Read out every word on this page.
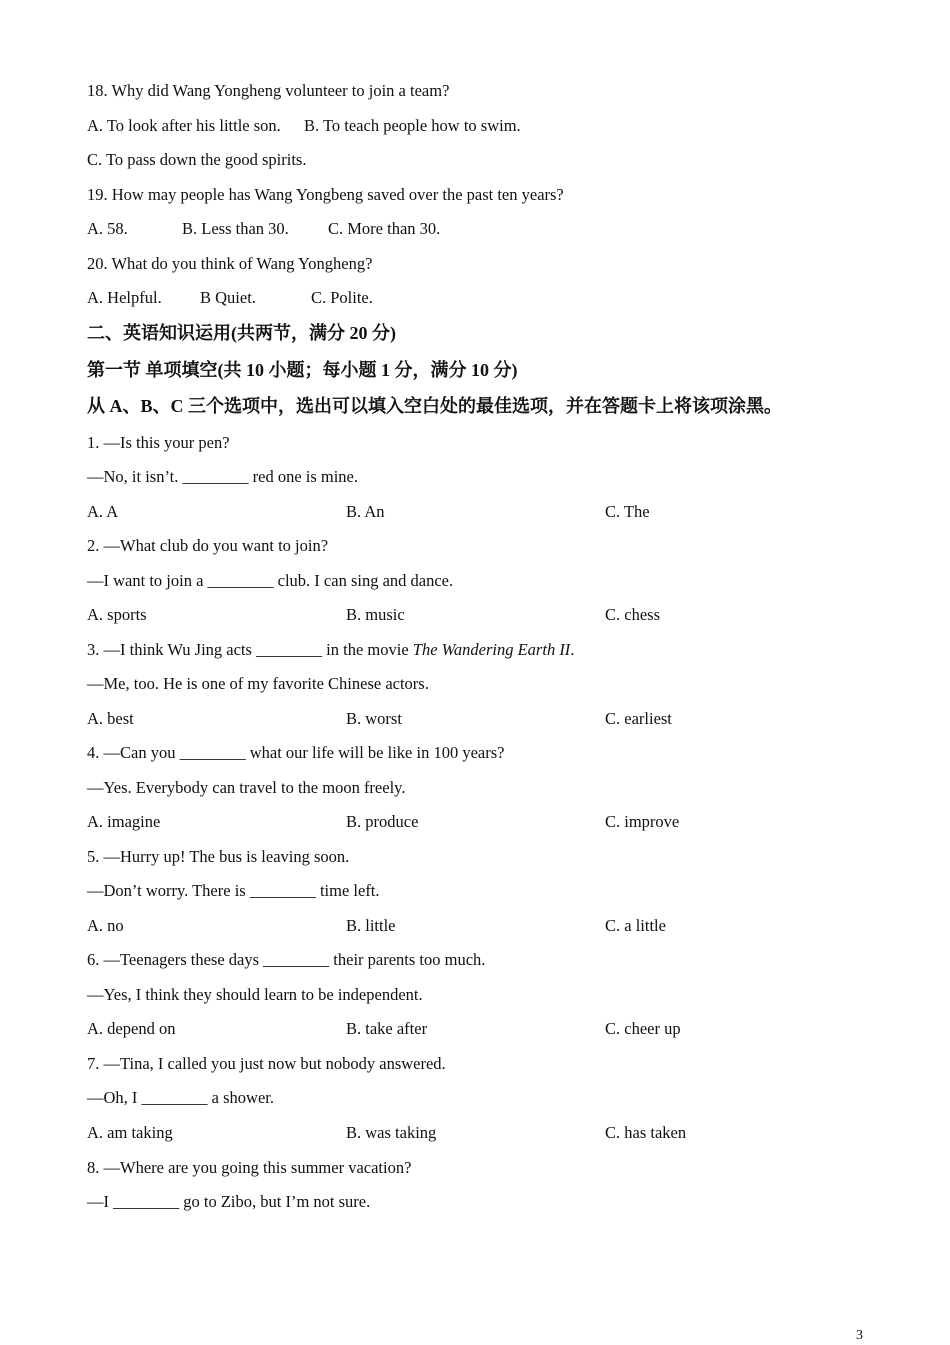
18. Why did Wang Yongheng volunteer to join a team?
A. To look after his little son. B. To teach people how to swim.
C. To pass down the good spirits.
19. How may people has Wang Yongbeng saved over the past ten years?
A. 58.	B. Less than 30. C. More than 30.
20. What do you think of Wang Yongheng?
A. Helpful. B Quiet.	C. Polite.
二、英语知识运用(共两节，满分 20 分)
第一节 单项填空(共 10 小题；每小题 1 分，满分 10 分)
从 A、B、C 三个选项中，选出可以填入空白处的最佳选项，并在答题卡上将该项涂黑。
1. —Is this your pen?
—No, it isn’t. ________ red one is mine.
A. A	B. An	C. The
2. —What club do you want to join?
—I want to join a ________ club. I can sing and dance.
A. sports	B. music	C. chess
3. —I think Wu Jing acts ________ in the movie The Wandering Earth II.
—Me, too. He is one of my favorite Chinese actors.
A. best	B. worst	C. earliest
4. —Can you ________ what our life will be like in 100 years?
—Yes. Everybody can travel to the moon freely.
A. imagine	B. produce	C. improve
5. —Hurry up! The bus is leaving soon.
—Don’t worry. There is ________ time left.
A. no	B. little	C. a little
6. —Teenagers these days ________ their parents too much.
—Yes, I think they should learn to be independent.
A. depend on	B. take after	C. cheer up
7. —Tina, I called you just now but nobody answered.
—Oh, I ________ a shower.
A. am taking	B. was taking	C. has taken
8. —Where are you going this summer vacation?
—I ________ go to Zibo, but I’m not sure.
3
